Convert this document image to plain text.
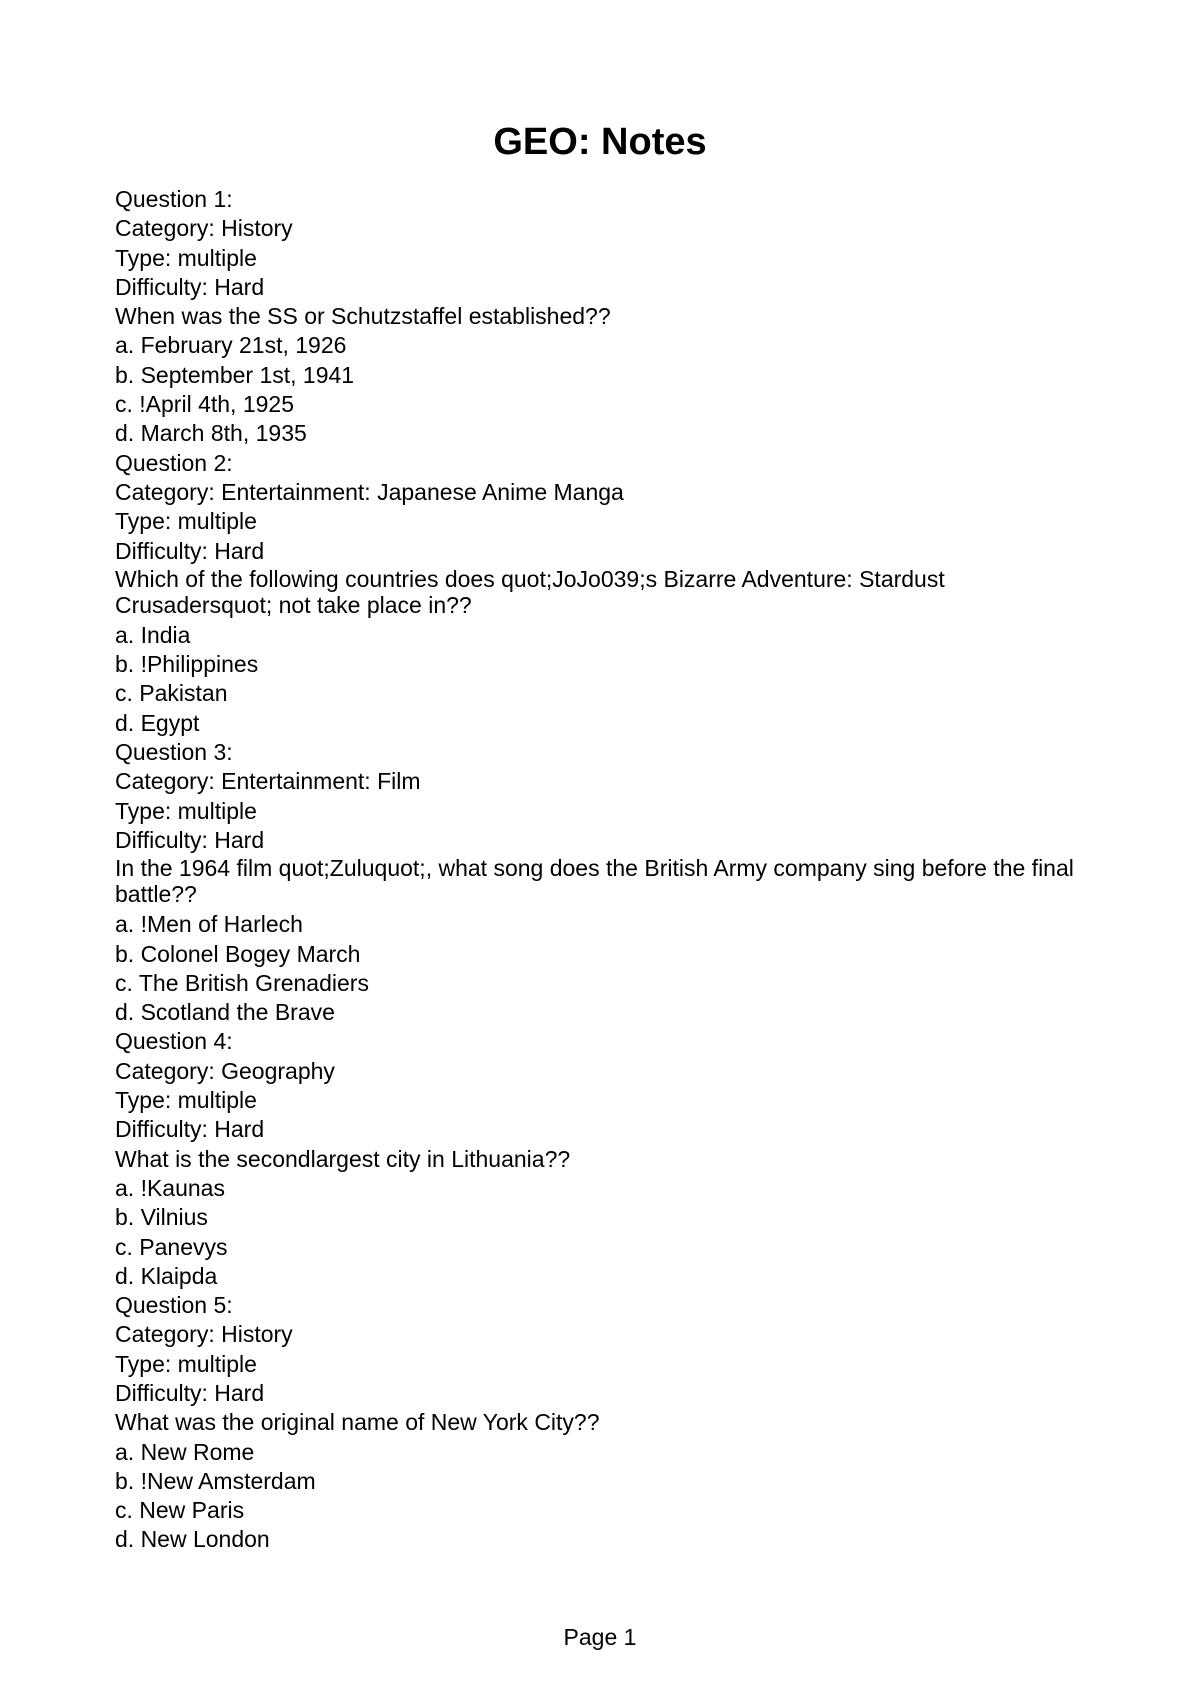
GEO: Notes
Question 1:
Category: History
Type: multiple
Difficulty: Hard
When was the SS or Schutzstaffel established??
a. February 21st, 1926
b. September 1st, 1941
c. !April 4th, 1925
d. March 8th, 1935
Question 2:
Category: Entertainment: Japanese Anime Manga
Type: multiple
Difficulty: Hard
Which of the following countries does quot;JoJo039;s Bizarre Adventure: Stardust Crusadersquot; not take place in??
a. India
b. !Philippines
c. Pakistan
d. Egypt
Question 3:
Category: Entertainment: Film
Type: multiple
Difficulty: Hard
In the 1964 film quot;Zuluquot;, what song does the British Army company sing before the final battle??
a. !Men of Harlech
b. Colonel Bogey March
c. The British Grenadiers
d. Scotland the Brave
Question 4:
Category: Geography
Type: multiple
Difficulty: Hard
What is the secondlargest city in Lithuania??
a. !Kaunas
b. Vilnius
c. Panevys
d. Klaipda
Question 5:
Category: History
Type: multiple
Difficulty: Hard
What was the original name of New York City??
a. New Rome
b. !New Amsterdam
c. New Paris
d. New London
Page 1
